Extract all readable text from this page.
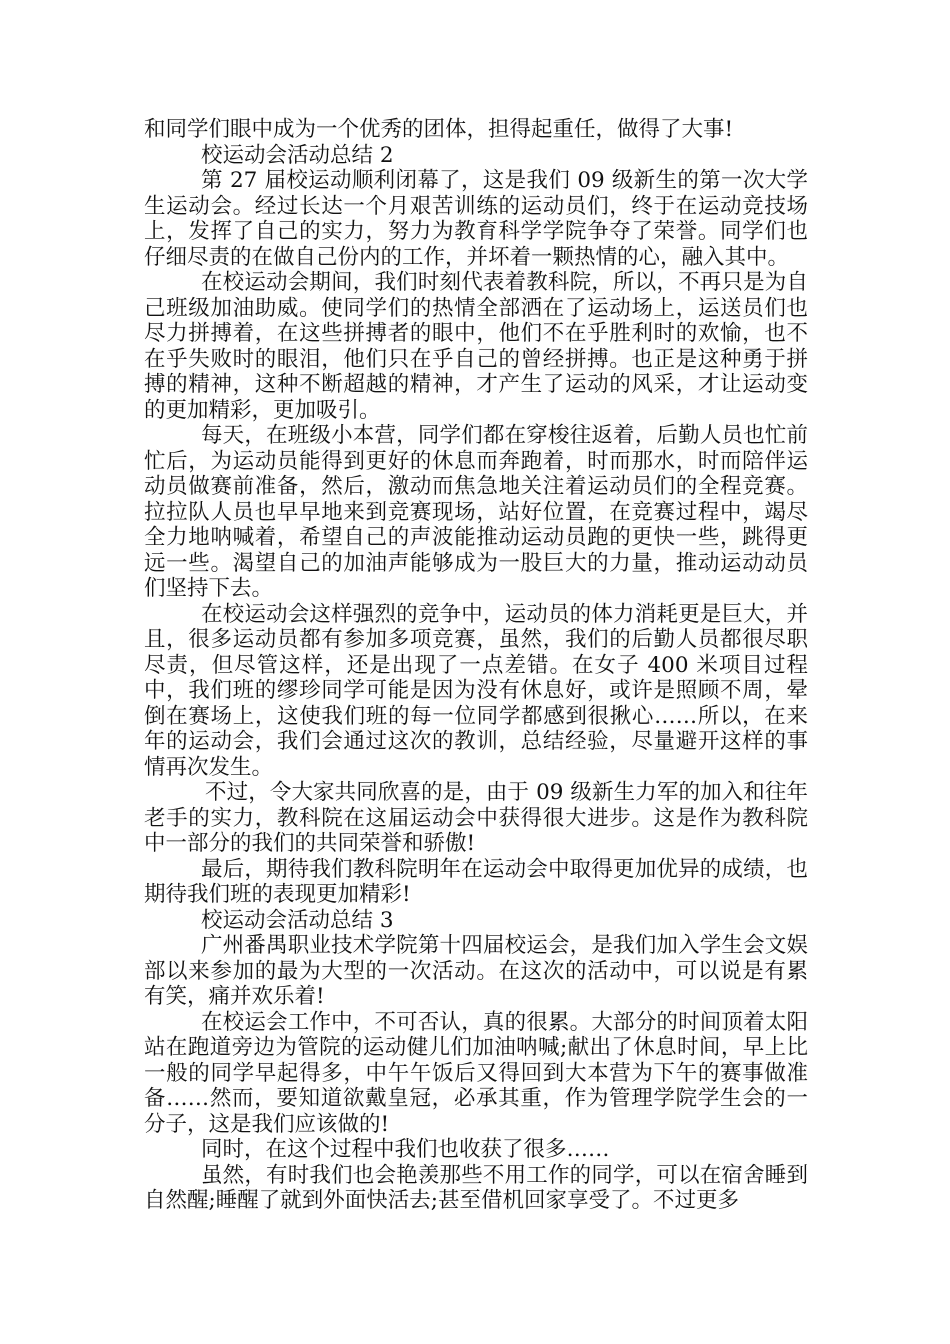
和同学们眼中成为一个优秀的团体，担得起重任，做得了大事!

校运动会活动总结 2

第 27 届校运动顺利闭幕了，这是我们 09 级新生的第一次大学生运动会。经过长达一个月艰苦训练的运动员们，终于在运动竞技场上，发挥了自己的实力，努力为教育科学学院争夺了荣誉。同学们也仔细尽责的在做自己份内的工作，并坏着一颗热情的心，融入其中。

在校运动会期间，我们时刻代表着教科院，所以，不再只是为自己班级加油助威。使同学们的热情全部洒在了运动场上，运送员们也尽力拼搏着，在这些拼搏者的眼中，他们不在乎胜利时的欢愉，也不在乎失败时的眼泪，他们只在乎自己的曾经拼搏。也正是这种勇于拼搏的精神，这种不断超越的精神，才产生了运动的风采，才让运动变的更加精彩，更加吸引。

每天，在班级小本营，同学们都在穿梭往返着，后勤人员也忙前忙后，为运动员能得到更好的休息而奔跑着，时而那水，时而陪伴运动员做赛前准备，然后，激动而焦急地关注着运动员们的全程竞赛。拉拉队人员也早早地来到竞赛现场，站好位置，在竞赛过程中，竭尽全力地呐喊着，希望自己的声波能推动运动员跑的更快一些，跳得更远一些。渴望自己的加油声能够成为一股巨大的力量，推动运动动员们坚持下去。

在校运动会这样强烈的竞争中，运动员的体力消耗更是巨大，并且，很多运动员都有参加多项竞赛，虽然，我们的后勤人员都很尽职尽责，但尽管这样，还是出现了一点差错。在女子 400 米项目过程中，我们班的缪珍同学可能是因为没有休息好，或许是照顾不周，晕倒在赛场上，这使我们班的每一位同学都感到很揪心……所以，在来年的运动会，我们会通过这次的教训，总结经验，尽量避开这样的事情再次发生。

不过，令大家共同欣喜的是，由于 09 级新生力军的加入和往年老手的实力，教科院在这届运动会中获得很大进步。这是作为教科院中一部分的我们的共同荣誉和骄傲!

最后，期待我们教科院明年在运动会中取得更加优异的成绩，也期待我们班的表现更加精彩!

校运动会活动总结 3

广州番禺职业技术学院第十四届校运会，是我们加入学生会文娱部以来参加的最为大型的一次活动。在这次的活动中，可以说是有累有笑，痛并欢乐着!

在校运会工作中，不可否认，真的很累。大部分的时间顶着太阳站在跑道旁边为管院的运动健儿们加油呐喊;献出了休息时间，早上比一般的同学早起得多，中午午饭后又得回到大本营为下午的赛事做准备……然而，要知道欲戴皇冠，必承其重，作为管理学院学生会的一分子，这是我们应该做的!

同时，在这个过程中我们也收获了很多……

虽然，有时我们也会艳羡那些不用工作的同学，可以在宿舍睡到自然醒;睡醒了就到外面快活去;甚至借机回家享受了。不过更多
